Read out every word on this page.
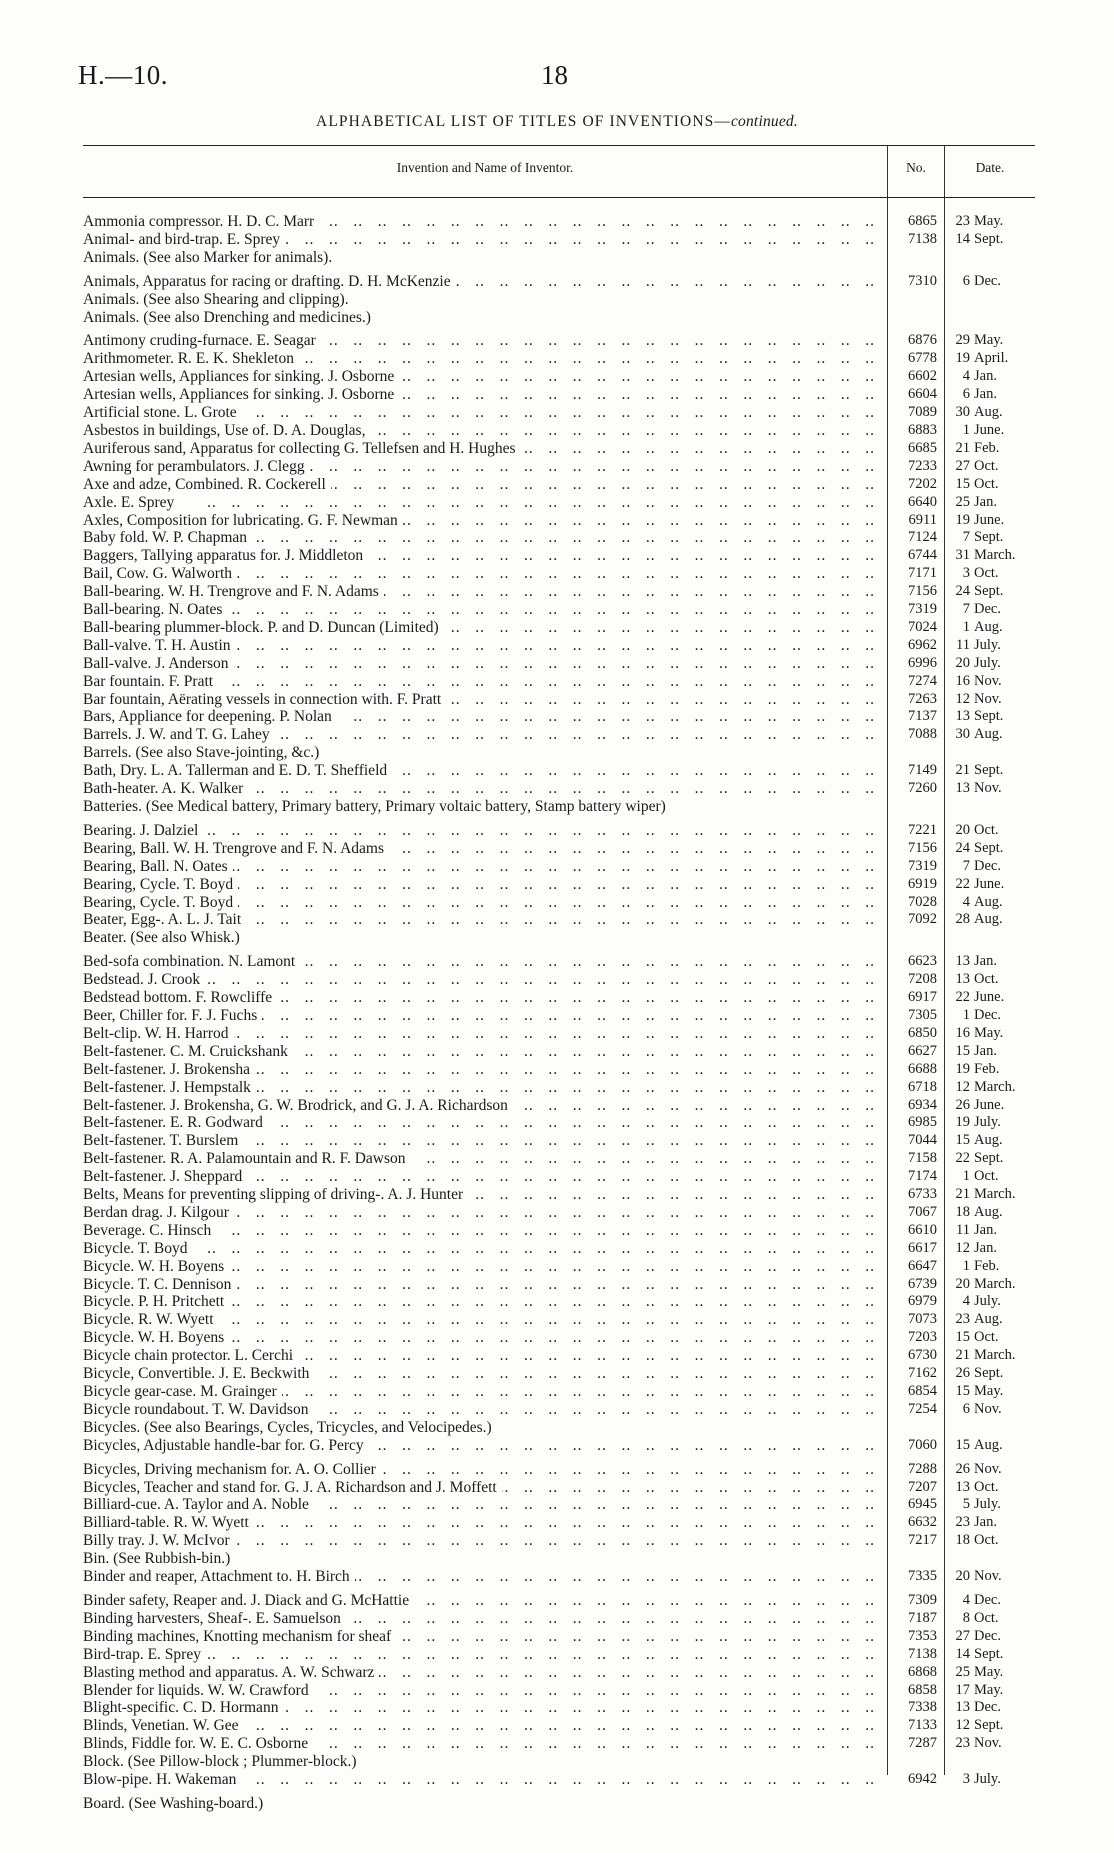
H.—10.	18
ALPHABETICAL LIST OF TITLES OF INVENTIONS—continued.
Invention and Name of Inventor.	No.	Date.
Ammonia compressor. H. D. C. Marr ..	6865	23 May.
Animal- and bird-trap. E. Sprey ..	7138	14 Sept.
Animals. (See also Marker for animals).
Animals, Apparatus for racing or drafting. D. H. McKenzie ..	7310	6 Dec.
Animals. (See also Shearing and clipping).
Animals. (See also Drenching and medicines.)
Antimony cruding-furnace. E. Seagar ..	6876	29 May.
Arithmometer. R. E. K. Shekleton ..	6778	19 April.
Artesian wells, Appliances for sinking. J. Osborne ..	6602	4 Jan.
Artesian wells, Appliances for sinking. J. Osborne ..	6604	6 Jan.
Artificial stone. L. Grote ..	7089	30 Aug.
Asbestos in buildings, Use of. D. A. Douglas, ..	6883	1 June.
Auriferous sand, Apparatus for collecting G. Tellefsen and H. Hughes ..	6685	21 Feb.
Awning for perambulators. J. Clegg ..	7233	27 Oct.
Axe and adze, Combined. R. Cockerell ..	7202	15 Oct.
Axle. E. Sprey ..	6640	25 Jan.
Axles, Composition for lubricating. G. F. Newman ..	6911	19 June.
Baby fold. W. P. Chapman ..	7124	7 Sept.
Baggers, Tallying apparatus for. J. Middleton ..	6744	31 March.
Bail, Cow. G. Walworth ..	7171	3 Oct.
Ball-bearing. W. H. Trengrove and F. N. Adams ..	7156	24 Sept.
Ball-bearing. N. Oates ..	7319	7 Dec.
Ball-bearing plummer-block. P. and D. Duncan (Limited) ..	7024	1 Aug.
Ball-valve. T. H. Austin ..	6962	11 July.
Ball-valve. J. Anderson ..	6996	20 July.
Bar fountain. F. Pratt ..	7274	16 Nov.
Bar fountain, Aërating vessels in connection with. F. Pratt ..	7263	12 Nov.
Bars, Appliance for deepening. P. Nolan ..	7137	13 Sept.
Barrels. J. W. and T. G. Lahey ..	7088	30 Aug.
Barrels. (See also Stave-jointing, &c.)
Bath, Dry. L. A. Tallerman and E. D. T. Sheffield ..	7149	21 Sept.
Bath-heater. A. K. Walker ..	7260	13 Nov.
Batteries. (See Medical battery, Primary battery, Primary voltaic battery, Stamp battery wiper)
Bearing. J. Dalziel ..	7221	20 Oct.
Bearing, Ball. W. H. Trengrove and F. N. Adams ..	7156	24 Sept.
Bearing, Ball. N. Oates ..	7319	7 Dec.
Bearing, Cycle. T. Boyd ..	6919	22 June.
Bearing, Cycle. T. Boyd ..	7028	4 Aug.
Beater, Egg-. A. L. J. Tait ..	7092	28 Aug.
Beater. (See also Whisk.)
Bed-sofa combination. N. Lamont ..	6623	13 Jan.
Bedstead. J. Crook ..	7208	13 Oct.
Bedstead bottom. F. Rowcliffe ..	6917	22 June.
Beer, Chiller for. F. J. Fuchs ..	7305	1 Dec.
Belt-clip. W. H. Harrod ..	6850	16 May.
Belt-fastener. C. M. Cruickshank ..	6627	15 Jan.
Belt-fastener. J. Brokensha ..	6688	19 Feb.
Belt-fastener. J. Hempstalk ..	6718	12 March.
Belt-fastener. J. Brokensha, G. W. Brodrick, and G. J. A. Richardson ..	6934	26 June.
Belt-fastener. E. R. Godward ..	6985	19 July.
Belt-fastener. T. Burslem ..	7044	15 Aug.
Belt-fastener. R. A. Palamountain and R. F. Dawson ..	7158	22 Sept.
Belt-fastener. J. Sheppard ..	7174	1 Oct.
Belts, Means for preventing slipping of driving-. A. J. Hunter ..	6733	21 March.
Berdan drag. J. Kilgour ..	7067	18 Aug.
Beverage. C. Hinsch ..	6610	11 Jan.
Bicycle. T. Boyd ..	6617	12 Jan.
Bicycle. W. H. Boyens ..	6647	1 Feb.
Bicycle. T. C. Dennison ..	6739	20 March.
Bicycle. P. H. Pritchett ..	6979	4 July.
Bicycle. R. W. Wyett ..	7073	23 Aug.
Bicycle. W. H. Boyens ..	7203	15 Oct.
Bicycle chain protector. L. Cerchi ..	6730	21 March.
Bicycle, Convertible. J. E. Beckwith ..	7162	26 Sept.
Bicycle gear-case. M. Grainger ..	6854	15 May.
Bicycle roundabout. T. W. Davidson ..	7254	6 Nov.
Bicycles. (See also Bearings, Cycles, Tricycles, and Velocipedes.)
Bicycles, Adjustable handle-bar for. G. Percy ..	7060	15 Aug.
Bicycles, Driving mechanism for. A. O. Collier ..	7288	26 Nov.
Bicycles, Teacher and stand for. G. J. A. Richardson and J. Moffett ..	7207	13 Oct.
Billiard-cue. A. Taylor and A. Noble ..	6945	5 July.
Billiard-table. R. W. Wyett ..	6632	23 Jan.
Billy tray. J. W. McIvor ..	7217	18 Oct.
Bin. (See Rubbish-bin.)
Binder and reaper, Attachment to. H. Birch ..	7335	20 Nov.
Binder safety, Reaper and. J. Diack and G. McHattie ..	7309	4 Dec.
Binding harvesters, Sheaf-. E. Samuelson ..	7187	8 Oct.
Binding machines, Knotting mechanism for sheaf ..	7353	27 Dec.
Bird-trap. E. Sprey ..	7138	14 Sept.
Blasting method and apparatus. A. W. Schwarz ..	6868	25 May.
Blender for liquids. W. W. Crawford ..	6858	17 May.
Blight-specific. C. D. Hormann ..	7338	13 Dec.
Blinds, Venetian. W. Gee ..	7133	12 Sept.
Blinds, Fiddle for. W. E. C. Osborne ..	7287	23 Nov.
Block. (See Pillow-block ; Plummer-block.)
Blow-pipe. H. Wakeman ..	6942	3 July.
Board. (See Washing-board.)
